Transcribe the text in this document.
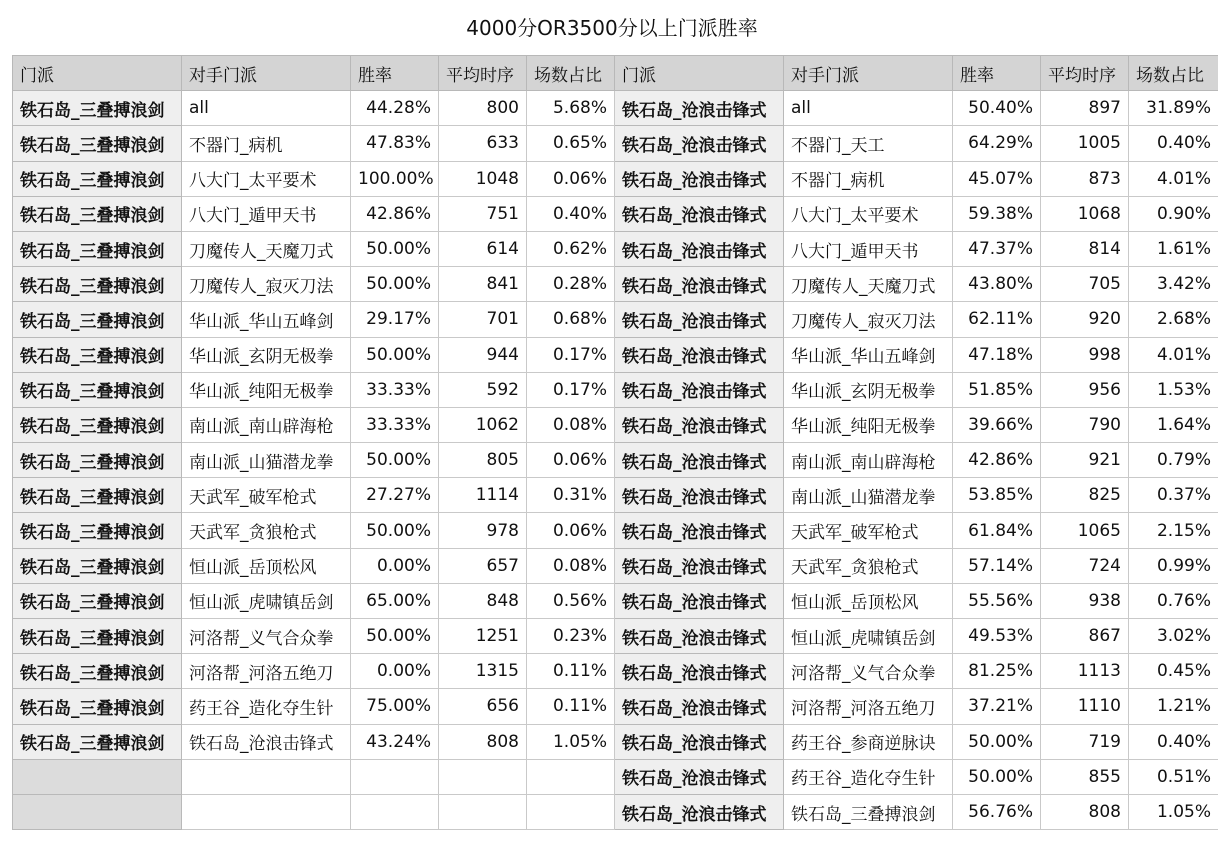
4000分OR3500分以上门派胜率
门派	对手门派	胜率	平均时序	场数占比	门派	对手门派	胜率	平均时序	场数占比
铁石岛_三叠搏浪剑	all	44.28%	800	5.68%	铁石岛_沧浪击锋式	all	50.40%	897	31.89%
铁石岛_三叠搏浪剑	不器门_病机	47.83%	633	0.65%	铁石岛_沧浪击锋式	不器门_天工	64.29%	1005	0.40%
铁石岛_三叠搏浪剑	八大门_太平要术	100.00%	1048	0.06%	铁石岛_沧浪击锋式	不器门_病机	45.07%	873	4.01%
铁石岛_三叠搏浪剑	八大门_遁甲天书	42.86%	751	0.40%	铁石岛_沧浪击锋式	八大门_太平要术	59.38%	1068	0.90%
铁石岛_三叠搏浪剑	刀魔传人_天魔刀式	50.00%	614	0.62%	铁石岛_沧浪击锋式	八大门_遁甲天书	47.37%	814	1.61%
铁石岛_三叠搏浪剑	刀魔传人_寂灭刀法	50.00%	841	0.28%	铁石岛_沧浪击锋式	刀魔传人_天魔刀式	43.80%	705	3.42%
铁石岛_三叠搏浪剑	华山派_华山五峰剑	29.17%	701	0.68%	铁石岛_沧浪击锋式	刀魔传人_寂灭刀法	62.11%	920	2.68%
铁石岛_三叠搏浪剑	华山派_玄阴无极拳	50.00%	944	0.17%	铁石岛_沧浪击锋式	华山派_华山五峰剑	47.18%	998	4.01%
铁石岛_三叠搏浪剑	华山派_纯阳无极拳	33.33%	592	0.17%	铁石岛_沧浪击锋式	华山派_玄阴无极拳	51.85%	956	1.53%
铁石岛_三叠搏浪剑	南山派_南山辟海枪	33.33%	1062	0.08%	铁石岛_沧浪击锋式	华山派_纯阳无极拳	39.66%	790	1.64%
铁石岛_三叠搏浪剑	南山派_山猫潜龙拳	50.00%	805	0.06%	铁石岛_沧浪击锋式	南山派_南山辟海枪	42.86%	921	0.79%
铁石岛_三叠搏浪剑	天武军_破军枪式	27.27%	1114	0.31%	铁石岛_沧浪击锋式	南山派_山猫潜龙拳	53.85%	825	0.37%
铁石岛_三叠搏浪剑	天武军_贪狼枪式	50.00%	978	0.06%	铁石岛_沧浪击锋式	天武军_破军枪式	61.84%	1065	2.15%
铁石岛_三叠搏浪剑	恒山派_岳顶松风	0.00%	657	0.08%	铁石岛_沧浪击锋式	天武军_贪狼枪式	57.14%	724	0.99%
铁石岛_三叠搏浪剑	恒山派_虎啸镇岳剑	65.00%	848	0.56%	铁石岛_沧浪击锋式	恒山派_岳顶松风	55.56%	938	0.76%
铁石岛_三叠搏浪剑	河洛帮_义气合众拳	50.00%	1251	0.23%	铁石岛_沧浪击锋式	恒山派_虎啸镇岳剑	49.53%	867	3.02%
铁石岛_三叠搏浪剑	河洛帮_河洛五绝刀	0.00%	1315	0.11%	铁石岛_沧浪击锋式	河洛帮_义气合众拳	81.25%	1113	0.45%
铁石岛_三叠搏浪剑	药王谷_造化夺生针	75.00%	656	0.11%	铁石岛_沧浪击锋式	河洛帮_河洛五绝刀	37.21%	1110	1.21%
铁石岛_三叠搏浪剑	铁石岛_沧浪击锋式	43.24%	808	1.05%	铁石岛_沧浪击锋式	药王谷_参商逆脉诀	50.00%	719	0.40%
					铁石岛_沧浪击锋式	药王谷_造化夺生针	50.00%	855	0.51%
					铁石岛_沧浪击锋式	铁石岛_三叠搏浪剑	56.76%	808	1.05%
